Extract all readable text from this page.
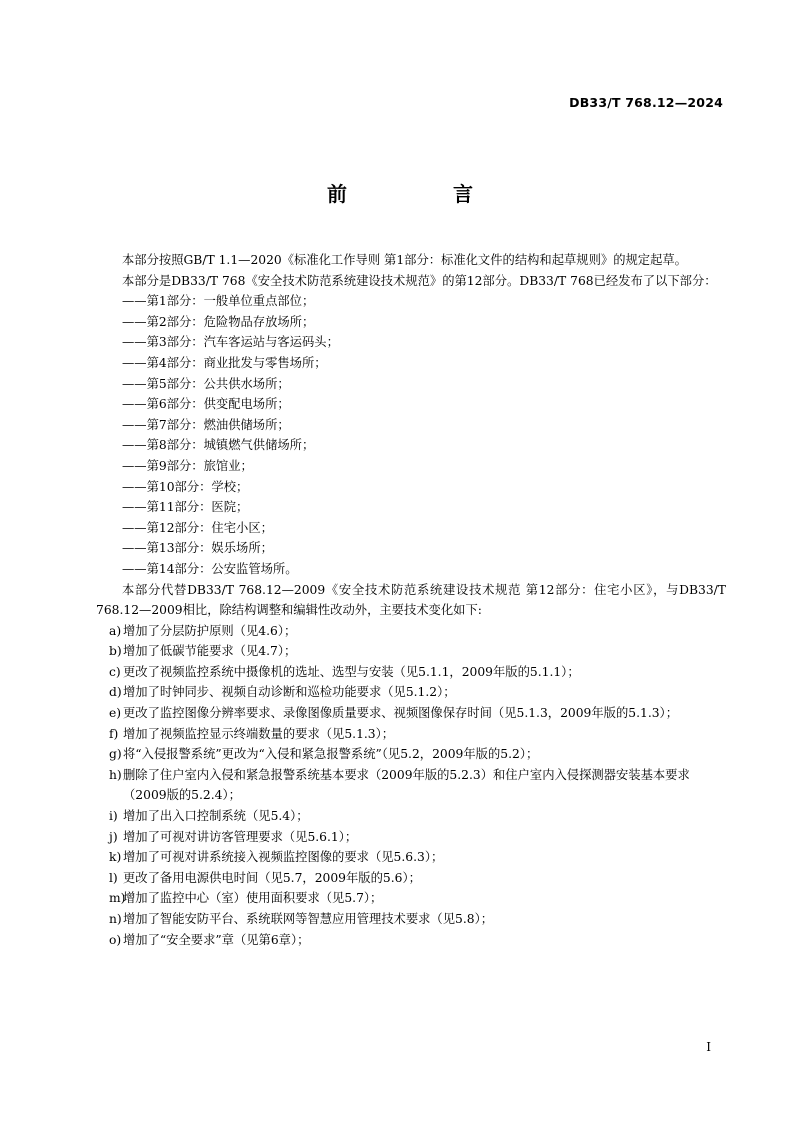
DB33/T 768.12—2024
前　　言

本部分按照GB/T 1.1—2020《标准化工作导则 第1部分：标准化文件的结构和起草规则》的规定起草。

本部分是DB33/T 768《安全技术防范系统建设技术规范》的第12部分。DB33/T 768已经发布了以下部分：

——第1部分：一般单位重点部位；

——第2部分：危险物品存放场所；

——第3部分：汽车客运站与客运码头；

——第4部分：商业批发与零售场所；

——第5部分：公共供水场所；

——第6部分：供变配电场所；

——第7部分：燃油供储场所；

——第8部分：城镇燃气供储场所；

——第9部分：旅馆业；

——第10部分：学校；

——第11部分：医院；

——第12部分：住宅小区；

——第13部分：娱乐场所；

——第14部分：公安监管场所。

本部分代替DB33/T 768.12—2009《安全技术防范系统建设技术规范 第12部分：住宅小区》，与DB33/T 768.12—2009相比，除结构调整和编辑性改动外，主要技术变化如下:

a) 增加了分层防护原则（见4.6）；
b) 增加了低碳节能要求（见4.7）；
c) 更改了视频监控系统中摄像机的选址、选型与安装（见5.1.1，2009年版的5.1.1）；
d) 增加了时钟同步、视频自动诊断和巡检功能要求（见5.1.2）；
e) 更改了监控图像分辨率要求、录像图像质量要求、视频图像保存时间（见5.1.3，2009年版的5.1.3）；
f) 增加了视频监控显示终端数量的要求（见5.1.3）；
g) 将“入侵报警系统”更改为“入侵和紧急报警系统”（见5.2，2009年版的5.2）；
h) 删除了住户室内入侵和紧急报警系统基本要求（2009年版的5.2.3）和住户室内入侵探测器安装基本要求（2009版的5.2.4）；
i) 增加了出入口控制系统（见5.4）；
j) 增加了可视对讲访客管理要求（见5.6.1）；
k) 增加了可视对讲系统接入视频监控图像的要求（见5.6.3）；
l) 更改了备用电源供电时间（见5.7，2009年版的5.6）；
m)
增加了监控中心（室）使用面积要求（见5.7）；
n) 增加了智能安防平台、系统联网等智慧应用管理技术要求（见5.8）；
o) 增加了“安全要求”章（见第6章）；
I
